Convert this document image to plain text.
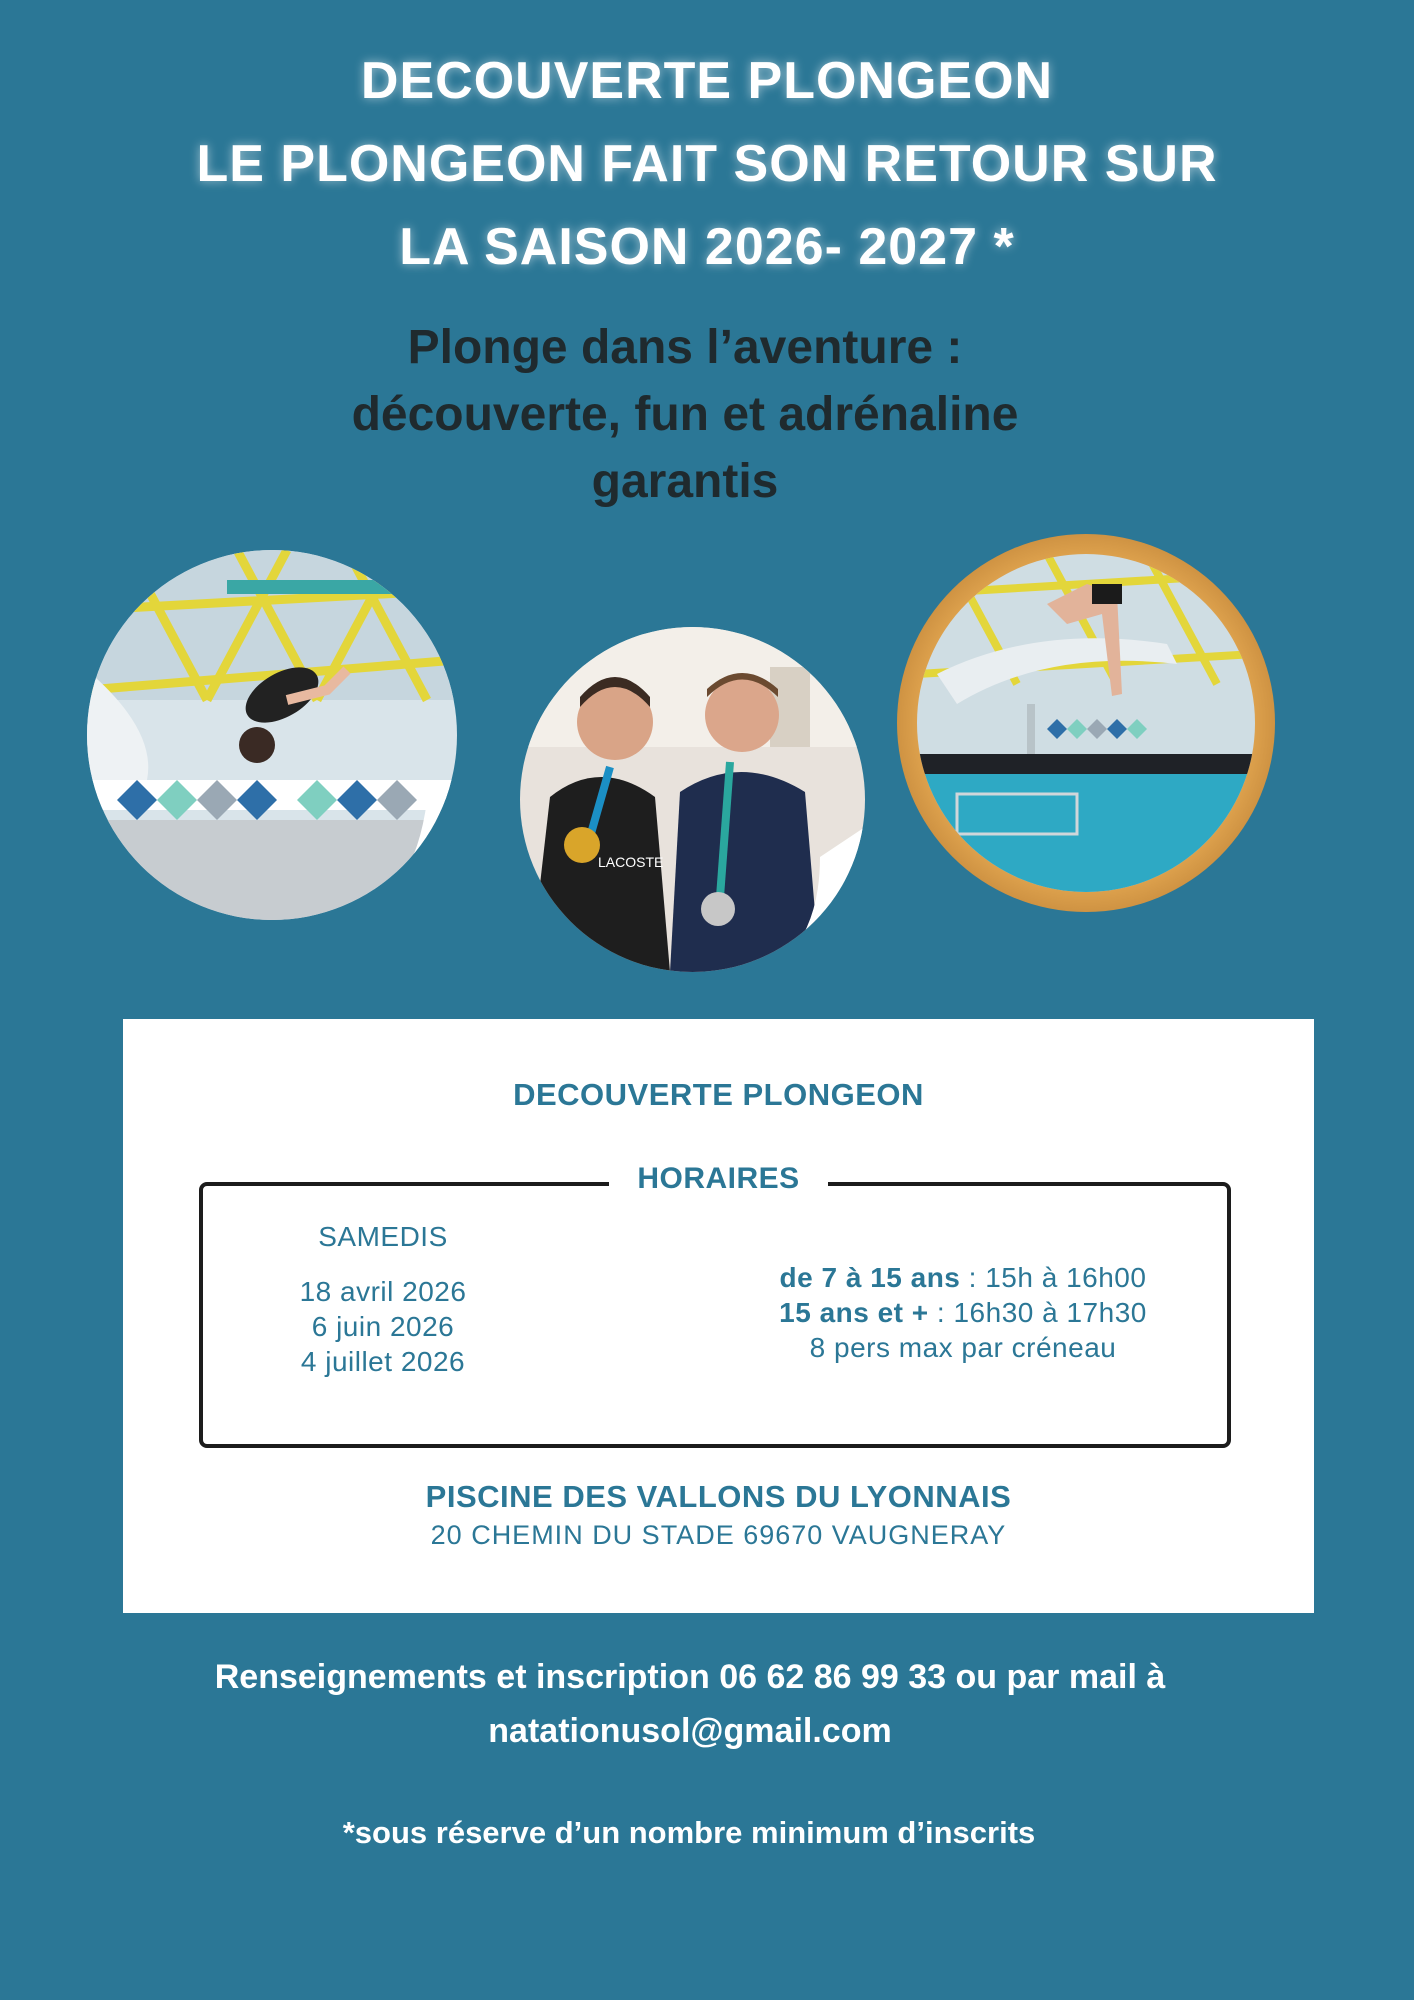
DECOUVERTE PLONGEON
LE PLONGEON FAIT SON RETOUR SUR
LA SAISON 2026- 2027 *
Plonge dans l’aventure :
découverte, fun et adrénaline
garantis
LACOSTE
DECOUVERTE PLONGEON
HORAIRES
SAMEDIS
18 avril 2026
6 juin 2026
4 juillet 2026
de 7 à 15 ans : 15h à 16h00
15 ans et + : 16h30 à 17h30
8 pers max par créneau
PISCINE DES VALLONS DU LYONNAIS
20 CHEMIN DU STADE 69670 VAUGNERAY
Renseignements et inscription 06 62 86 99 33 ou par mail à
natationusol@gmail.com
*sous réserve d’un nombre minimum d’inscrits
